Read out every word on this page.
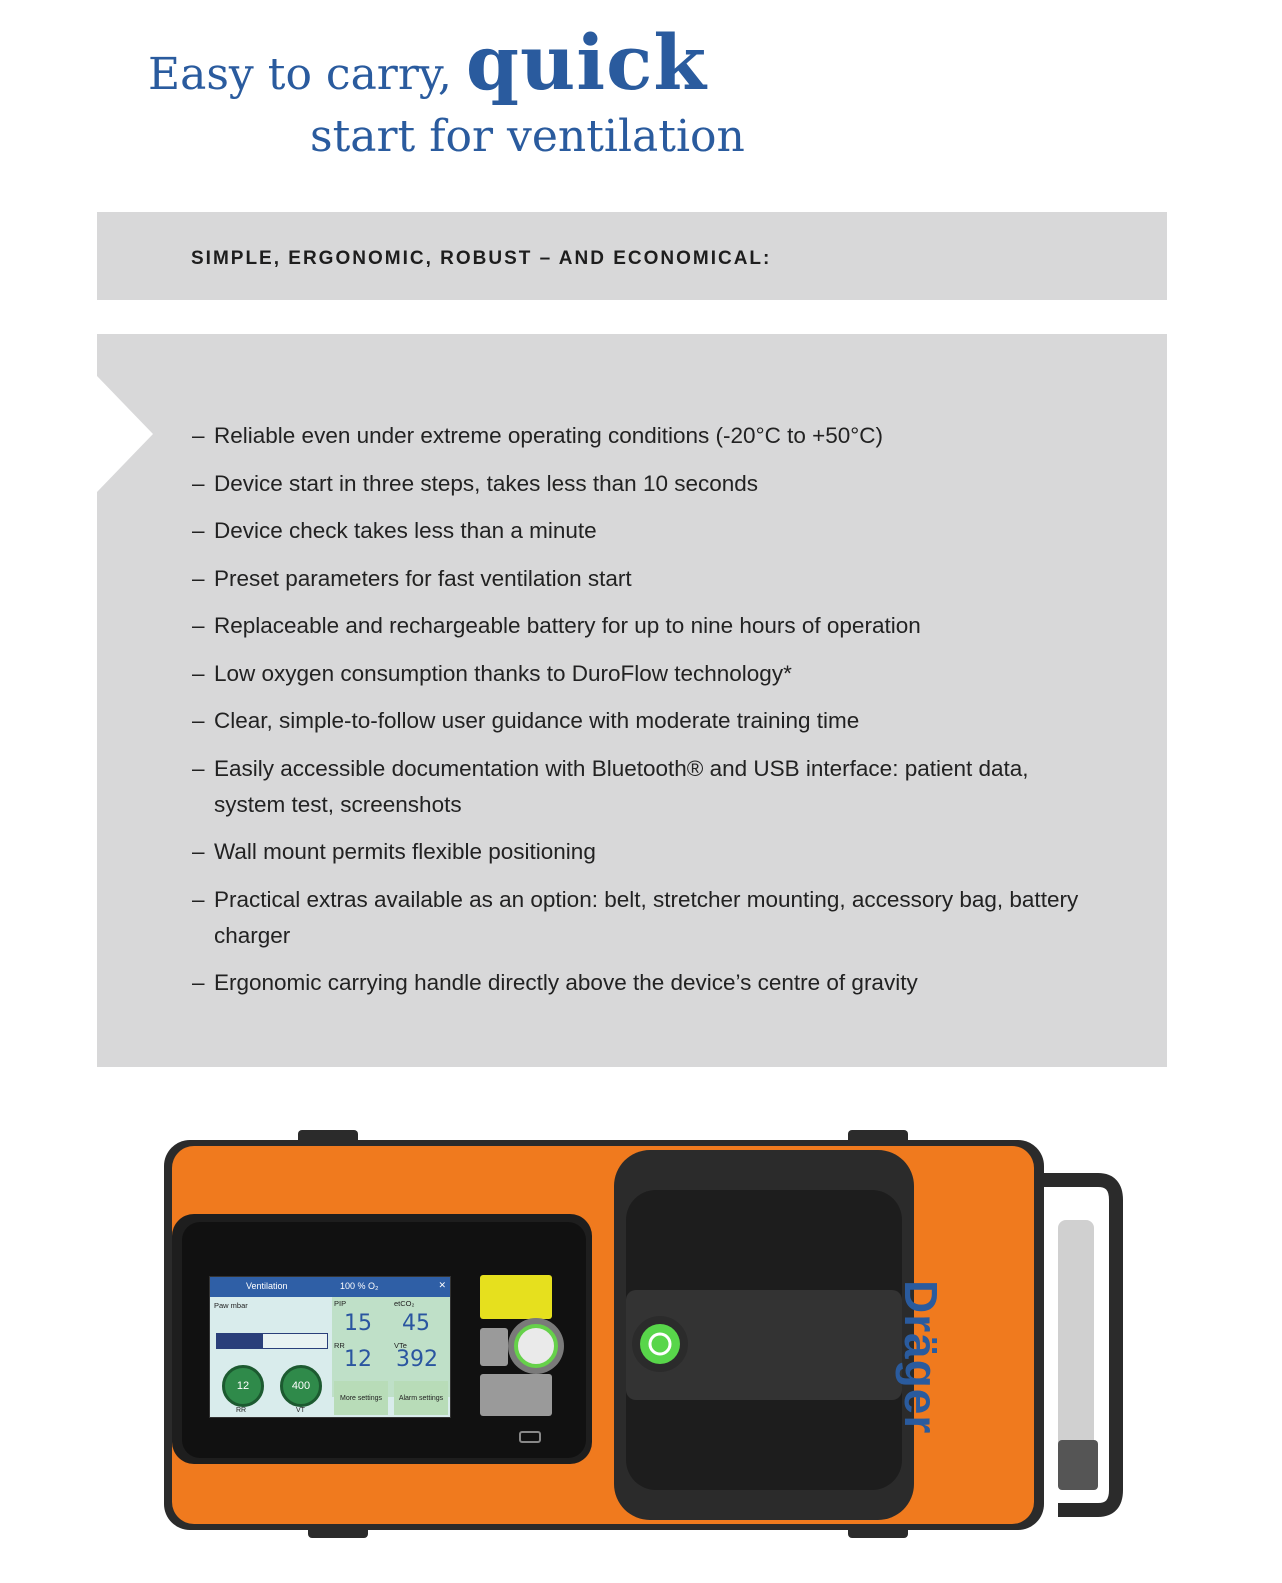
Easy to carry, quick
start for ventilation
SIMPLE, ERGONOMIC, ROBUST – AND ECONOMICAL:
– Reliable even under extreme operating conditions (-20°C to +50°C)
– Device start in three steps, takes less than 10 seconds
– Device check takes less than a minute
– Preset parameters for fast ventilation start
– Replaceable and rechargeable battery for up to nine hours of operation
– Low oxygen consumption thanks to DuroFlow technology*
– Clear, simple-to-follow user guidance with moderate training time
– Easily accessible documentation with Bluetooth® and USB interface: patient data, system test, screenshots
– Wall mount permits flexible positioning
– Practical extras available as an option: belt, stretcher mounting, accessory bag, battery charger
– Ergonomic carrying handle directly above the device’s centre of gravity
Ventilation	100 % O₂	✕
Paw mbar	PIP
15
etCO₂
45
RR
12
VTe
392
12
RR
400
VT
More settings	Alarm settings	Dräger
